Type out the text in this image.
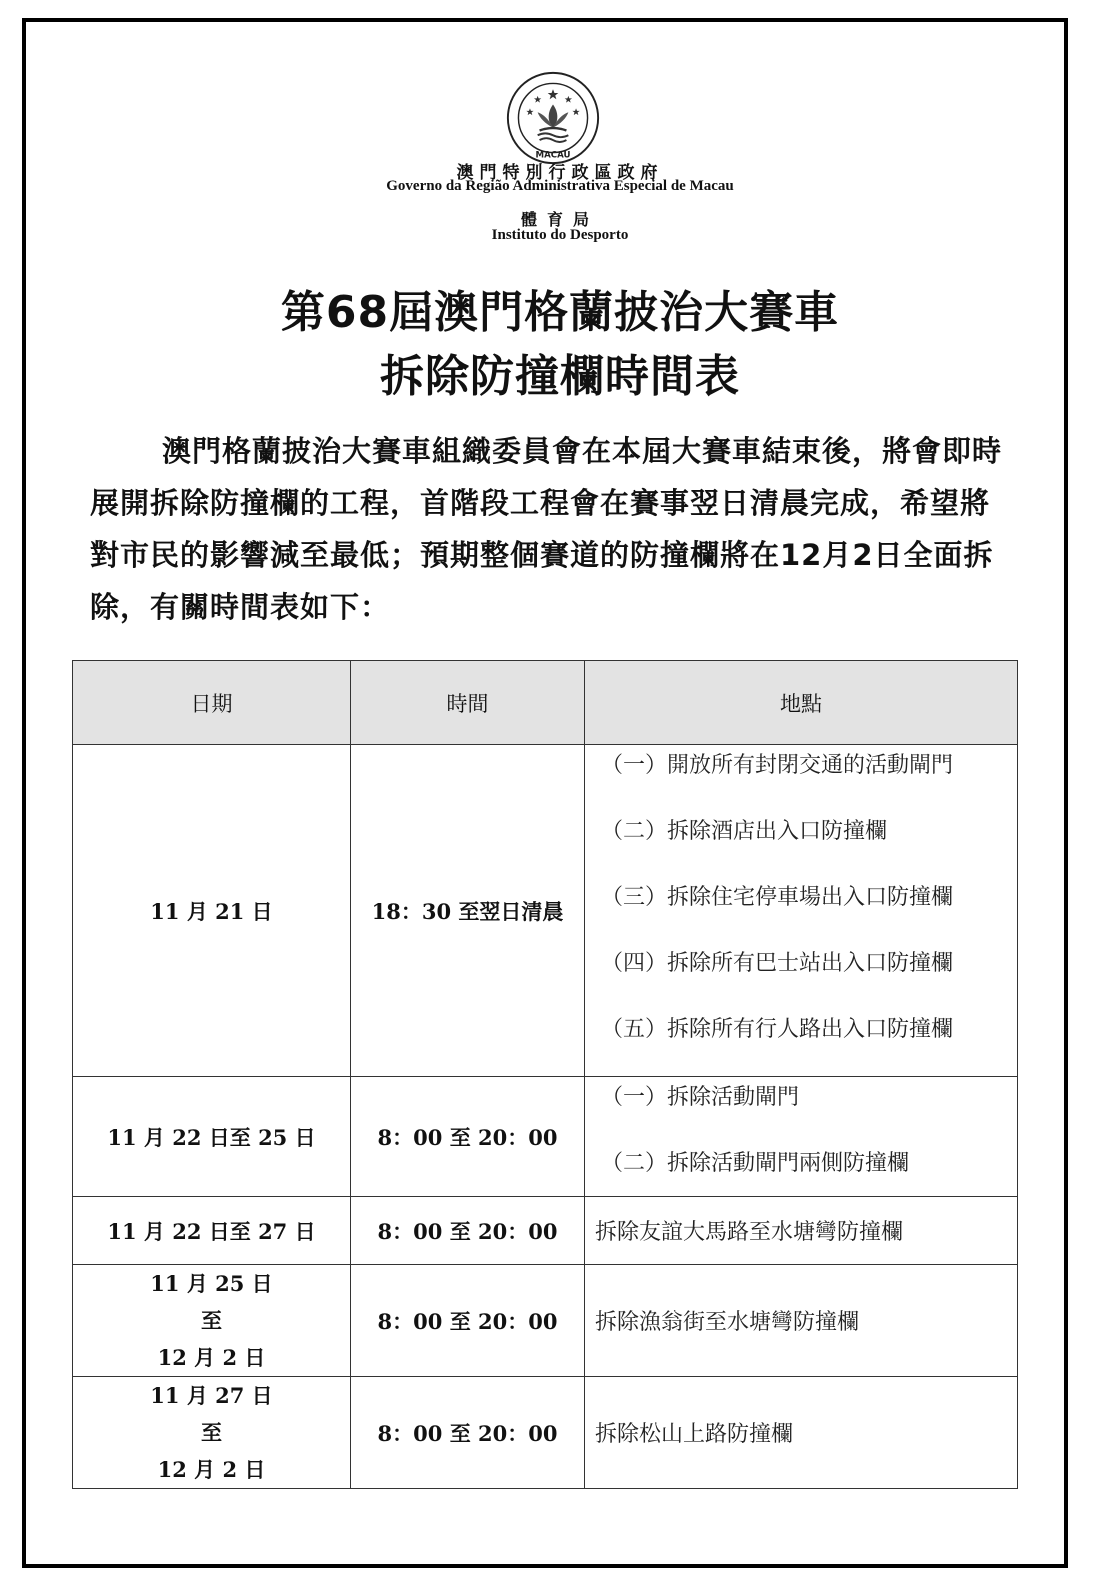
MACAU
澳門特別行政區政府
Governo da Região Administrativa Especial de Macau
體育局
Instituto do Desporto
第68屆澳門格蘭披治大賽車
拆除防撞欄時間表
澳門格蘭披治大賽車組織委員會在本屆大賽車結束後，將會即時展開拆除防撞欄的工程，首階段工程會在賽事翌日清晨完成，希望將對市民的影響減至最低；預期整個賽道的防撞欄將在12月2日全面拆除，有關時間表如下：
日期	時間	地點
11 月 21 日	18：30 至翌日清晨	（一）開放所有封閉交通的活動閘門
（二）拆除酒店出入口防撞欄
（三）拆除住宅停車場出入口防撞欄
（四）拆除所有巴士站出入口防撞欄
（五）拆除所有行人路出入口防撞欄

11 月 22 日至 25 日	8：00 至 20：00	（一）拆除活動閘門
（二）拆除活動閘門兩側防撞欄

11 月 22 日至 27 日	8：00 至 20：00	拆除友誼大馬路至水塘彎防撞欄

11 月 25 日
至
12 月 2 日	8：00 至 20：00	拆除漁翁街至水塘彎防撞欄

11 月 27 日
至
12 月 2 日	8：00 至 20：00	拆除松山上路防撞欄
